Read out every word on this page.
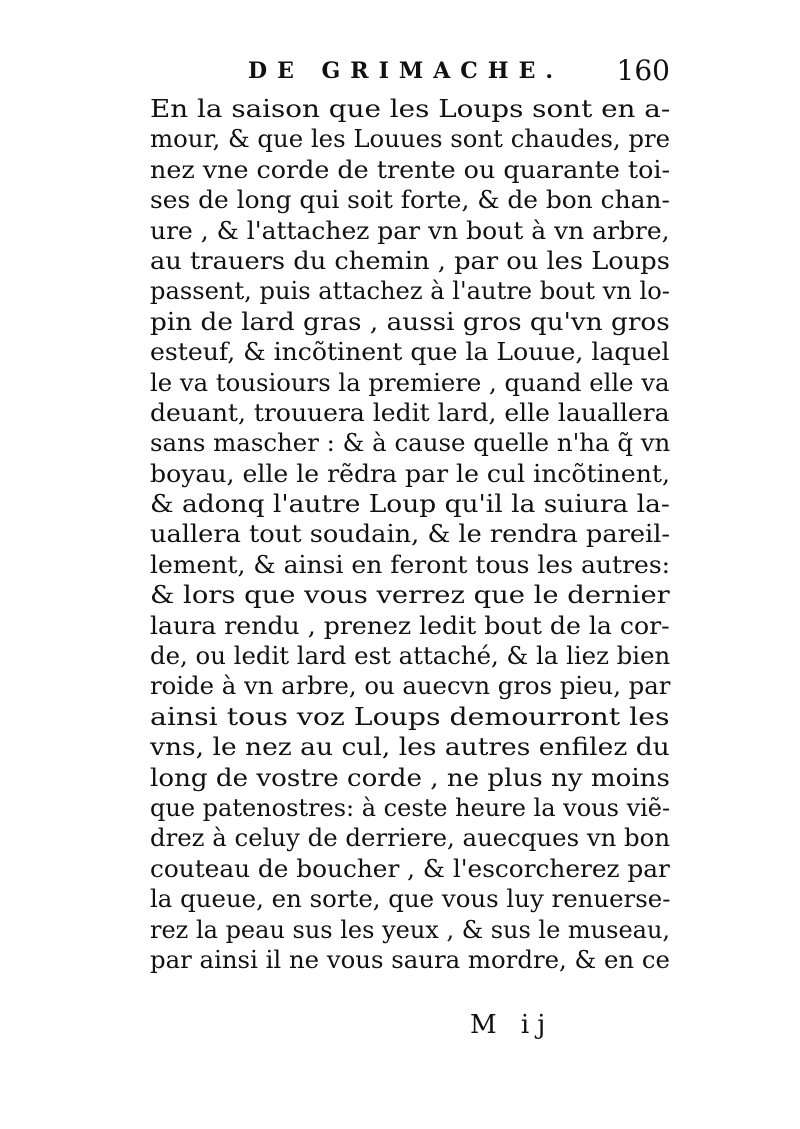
DE GRIMACHE. 160
En la saison que les Loups sont en a-
mour, & que les Louues sont chaudes, pre
nez vne corde de trente ou quarante toi-
ses de long qui soit forte, & de bon chan-
ure , & l'attachez par vn bout à vn arbre,
au trauers du chemin , par ou les Loups
passent, puis attachez à l'autre bout vn lo-
pin de lard gras , aussi gros qu'vn gros
esteuf, & incõtinent que la Louue, laquel
le va tousiours la premiere , quand elle va
deuant, trouuera ledit lard, elle lauallera
sans mascher : & à cause quelle n'ha q̃ vn
boyau, elle le rẽdra par le cul incõtinent,
& adonq l'autre Loup qu'il la suiura la-
uallera tout soudain, & le rendra pareil-
lement, & ainsi en feront tous les autres:
& lors que vous verrez que le dernier
laura rendu , prenez ledit bout de la cor-
de, ou ledit lard est attaché, & la liez bien
roide à vn arbre, ou auecvn gros pieu, par
ainsi tous voz Loups demourront les
vns, le nez au cul, les autres enfilez du
long de vostre corde , ne plus ny moins
que patenostres: à ceste heure la vous viẽ-
drez à celuy de derriere, auecques vn bon
couteau de boucher , & l'escorcherez par
la queue, en sorte, que vous luy renuerse-
rez la peau sus les yeux , & sus le museau,
par ainsi il ne vous saura mordre, & en ce
M ij
